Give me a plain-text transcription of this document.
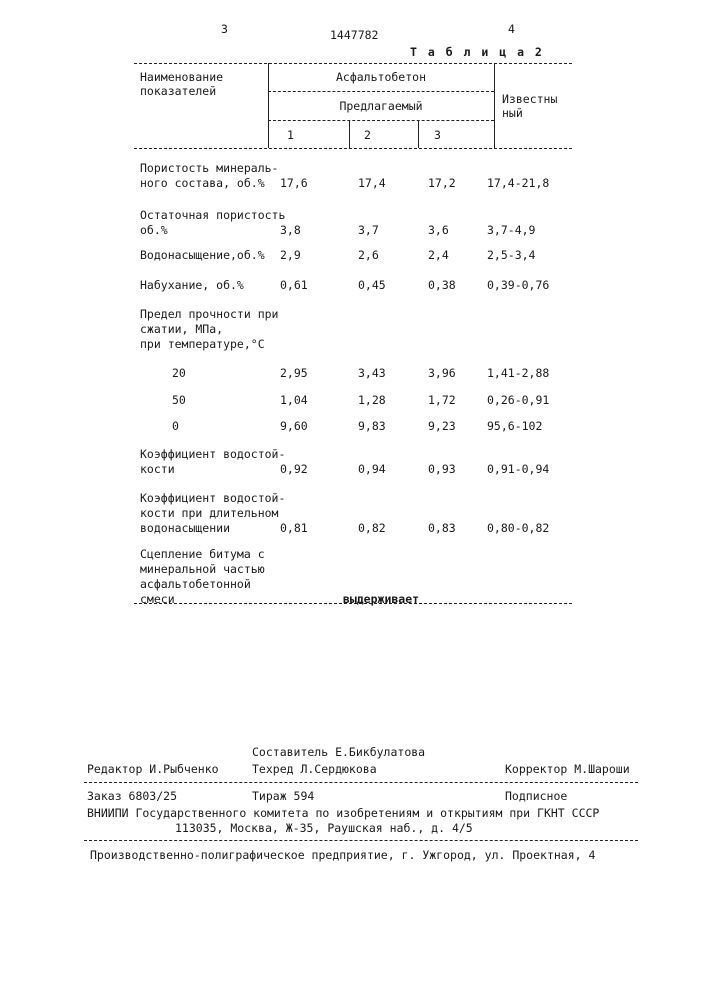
3	1447782	4
Т а б л и ц а 2
Наименование
показателей
Асфальтобетон
Предлагаемый	Известны
ный
1	2	3
Пористость минераль-
ного состава, об.% 17,6	17,4	17,2	17,4-21,8
Остаточная пористость
об.%	3,8	3,7	3,6	3,7-4,9
Водонасыщение,об.% 2,9	2,6	2,4	2,5-3,4
Набухание, об.%	0,61	0,45	0,38	0,39-0,76
Предел прочности при
сжатии, МПа,
при температуре,°С
20	2,95	3,43	3,96	1,41-2,88
50	1,04	1,28	1,72	0,26-0,91
0	9,60	9,83	9,23	95,6-102
Коэффициент водостой-
кости	0,92	0,94	0,93	0,91-0,94
Коэффициент водостой-
кости при длительном
водонасыщении	0,81	0,82	0,83	0,80-0,82
Сцепление битума с
минеральной частью
асфальтобетонной
смеси	выдерживает
Составитель Е.Бикбулатова
Редактор И.Рыбченко	Техред Л.Сердюкова	Корректор М.Шароши
Заказ 6803/25	Тираж 594	Подписное
ВНИИПИ Государственного комитета по изобретениям и открытиям при ГКНТ СССР
113035, Москва, Ж-35, Раушская наб., д. 4/5
Производственно-полиграфическое предприятие, г. Ужгород, ул. Проектная, 4
